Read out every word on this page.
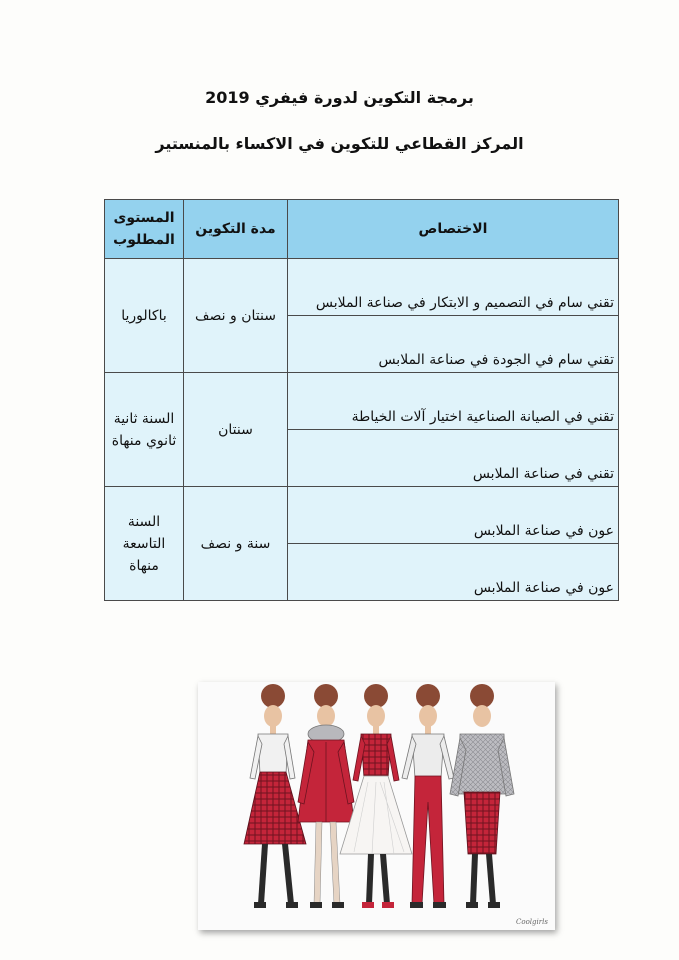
برمجة التكوين لدورة فيفري 2019
المركز القطاعي للتكوين في الاكساء بالمنستير
الاختصاص	مدة التكوين	المستوى المطلوب
تقني سام في التصميم و الابتكار في صناعة الملابس	سنتان و نصف	باكالوريا
تقني سام في الجودة في صناعة الملابس		
تقني في الصيانة الصناعية اختيار آلات الخياطة	سنتان	السنة ثانية ثانوي منهاة
تقني في صناعة الملابس		
عون في صناعة الملابس	سنة و نصف	السنة التاسعة منهاة
عون في صناعة الملابس		
Coolgirls
